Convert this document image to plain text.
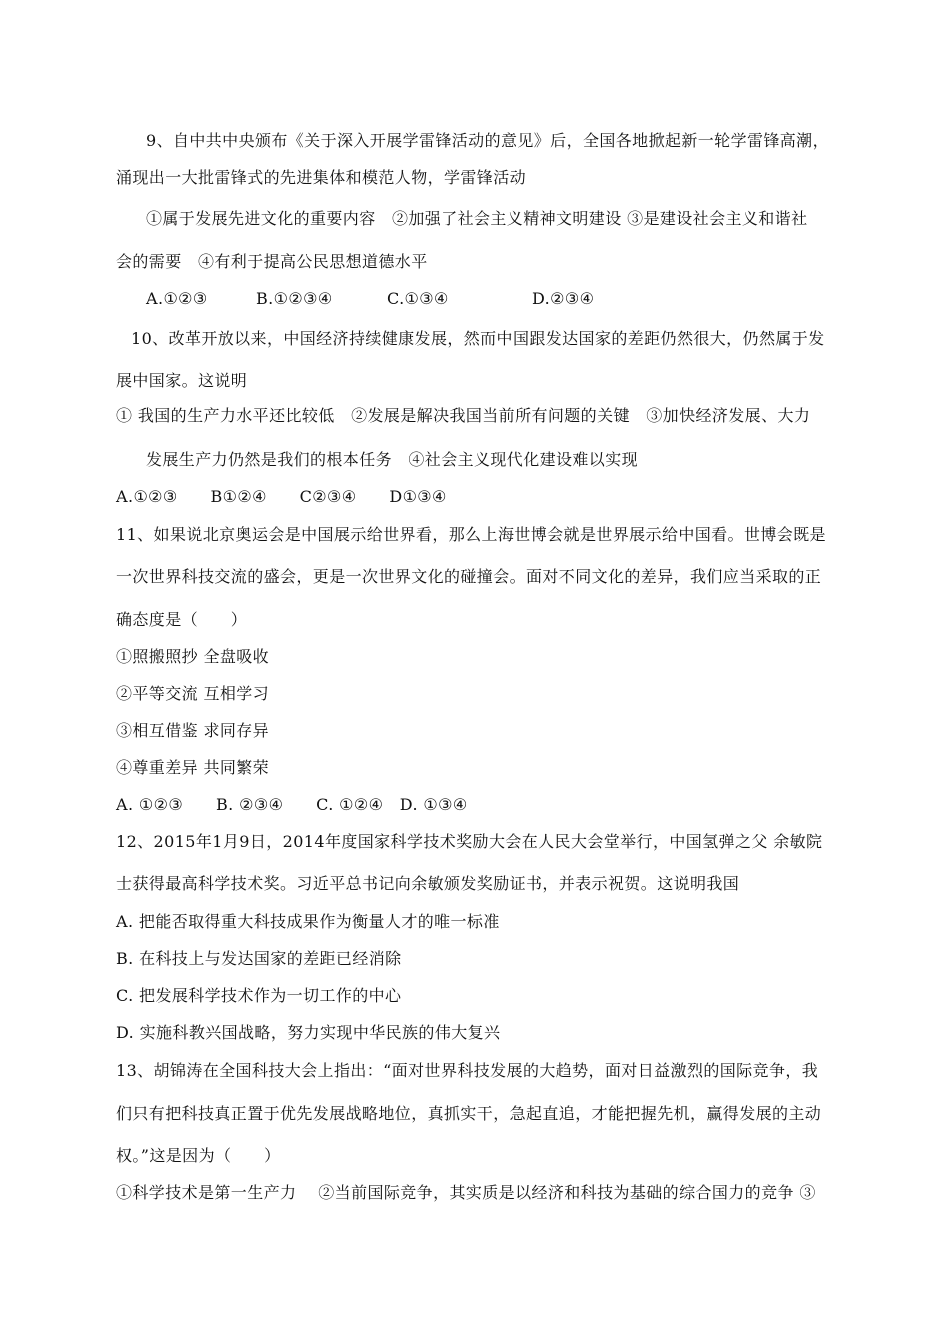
9、自中共中央颁布《关于深入开展学雷锋活动的意见》后，全国各地掀起新一轮学雷锋高潮，
涌现出一大批雷锋式的先进集体和模范人物，学雷锋活动
①属于发展先进文化的重要内容　②加强了社会主义精神文明建设 ③是建设社会主义和谐社
会的需要　④有利于提高公民思想道德水平
A.①②③	B.①②③④	C.①③④	D.②③④
10、改革开放以来，中国经济持续健康发展，然而中国跟发达国家的差距仍然很大，仍然属于发
展中国家。这说明
① 我国的生产力水平还比较低　②发展是解决我国当前所有问题的关键　③加快经济发展、大力
发展生产力仍然是我们的根本任务　④社会主义现代化建设难以实现
A.①②③　　B①②④　　C②③④　　D①③④
11、如果说北京奥运会是中国展示给世界看，那么上海世博会就是世界展示给中国看。世博会既是
一次世界科技交流的盛会，更是一次世界文化的碰撞会。面对不同文化的差异，我们应当采取的正
确态度是（　　）
①照搬照抄 全盘吸收
②平等交流 互相学习
③相互借鉴 求同存异
④尊重差异 共同繁荣
A. ①②③　　B. ②③④　　C. ①②④　D. ①③④
12、2015年1月9日，2014年度国家科学技术奖励大会在人民大会堂举行，中国氢弹之父 余敏院
士获得最高科学技术奖。习近平总书记向余敏颁发奖励证书，并表示祝贺。这说明我国
A. 把能否取得重大科技成果作为衡量人才的唯一标准
B. 在科技上与发达国家的差距已经消除
C. 把发展科学技术作为一切工作的中心
D. 实施科教兴国战略，努力实现中华民族的伟大复兴
13、胡锦涛在全国科技大会上指出：“面对世界科技发展的大趋势，面对日益激烈的国际竞争，我
们只有把科技真正置于优先发展战略地位，真抓实干，急起直追，才能把握先机，赢得发展的主动
权。”这是因为（　　）
①科学技术是第一生产力　 ②当前国际竞争，其实质是以经济和科技为基础的综合国力的竞争 ③
